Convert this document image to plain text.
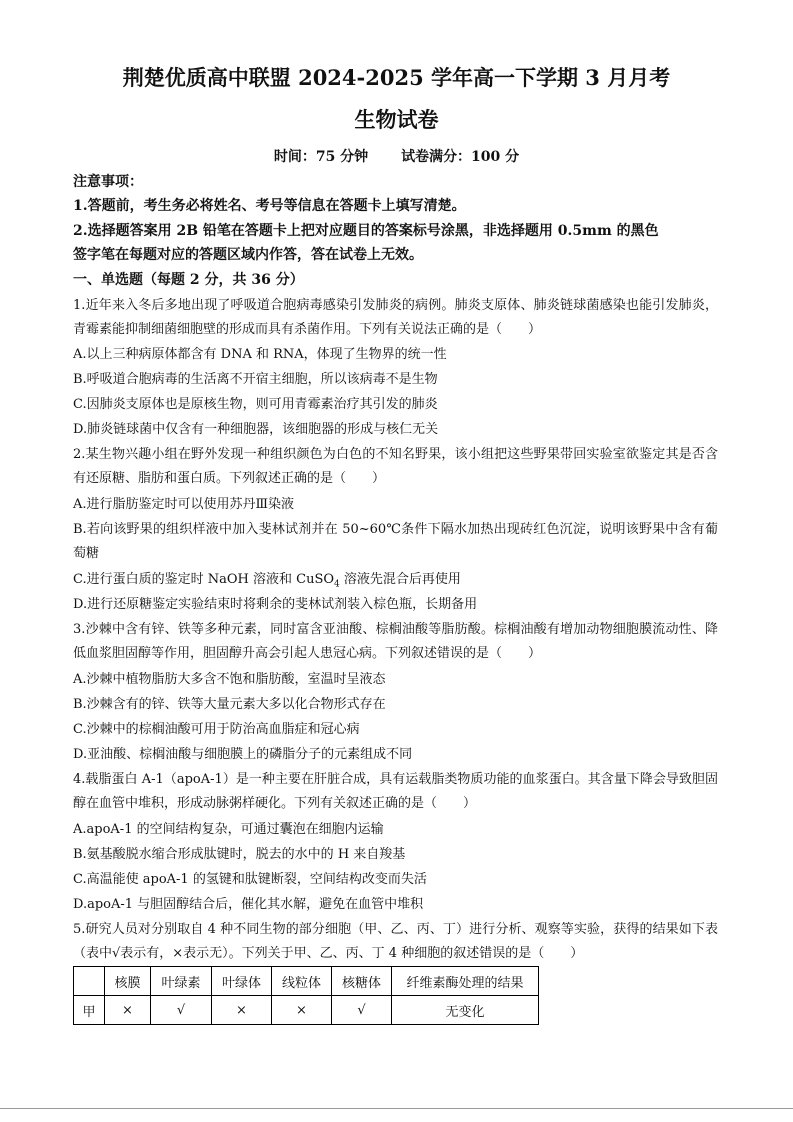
荆楚优质高中联盟 2024-2025 学年高一下学期 3 月月考
生物试卷
时间：75 分钟 试卷满分：100 分
注意事项：
1.答题前，考生务必将姓名、考号等信息在答题卡上填写清楚。
2.选择题答案用 2B 铅笔在答题卡上把对应题目的答案标号涂黑，非选择题用 0.5mm 的黑色
签字笔在每题对应的答题区域内作答，答在试卷上无效。
一、单选题（每题 2 分，共 36 分）
1.近年来入冬后多地出现了呼吸道合胞病毒感染引发肺炎的病例。肺炎支原体、肺炎链球菌感染也能引发肺炎，青霉素能抑制细菌细胞壁的形成而具有杀菌作用。下列有关说法正确的是（　　）
A.以上三种病原体都含有 DNA 和 RNA，体现了生物界的统一性
B.呼吸道合胞病毒的生活离不开宿主细胞，所以该病毒不是生物
C.因肺炎支原体也是原核生物，则可用青霉素治疗其引发的肺炎
D.肺炎链球菌中仅含有一种细胞器，该细胞器的形成与核仁无关
2.某生物兴趣小组在野外发现一种组织颜色为白色的不知名野果，该小组把这些野果带回实验室欲鉴定其是否含有还原糖、脂肪和蛋白质。下列叙述正确的是（　　）
A.进行脂肪鉴定时可以使用苏丹Ⅲ染液
B.若向该野果的组织样液中加入斐林试剂并在 50~60℃条件下隔水加热出现砖红色沉淀，说明该野果中含有葡萄糖
C.进行蛋白质的鉴定时 NaOH 溶液和 CuSO$_4$ 溶液先混合后再使用
D.进行还原糖鉴定实验结束时将剩余的斐林试剂装入棕色瓶，长期备用
3.沙棘中含有锌、铁等多种元素，同时富含亚油酸、棕榈油酸等脂肪酸。棕榈油酸有增加动物细胞膜流动性、降低血浆胆固醇等作用，胆固醇升高会引起人患冠心病。下列叙述错误的是（　　）
A.沙棘中植物脂肪大多含不饱和脂肪酸，室温时呈液态
B.沙棘含有的锌、铁等大量元素大多以化合物形式存在
C.沙棘中的棕榈油酸可用于防治高血脂症和冠心病
D.亚油酸、棕榈油酸与细胞膜上的磷脂分子的元素组成不同
4.载脂蛋白 A-1（apoA-1）是一种主要在肝脏合成，具有运载脂类物质功能的血浆蛋白。其含量下降会导致胆固醇在血管中堆积，形成动脉粥样硬化。下列有关叙述正确的是（　　）
A.apoA-1 的空间结构复杂，可通过囊泡在细胞内运输
B.氨基酸脱水缩合形成肽键时，脱去的水中的 H 来自羧基
C.高温能使 apoA-1 的氢键和肽键断裂，空间结构改变而失活
D.apoA-1 与胆固醇结合后，催化其水解，避免在血管中堆积
5.研究人员对分别取自 4 种不同生物的部分细胞（甲、乙、丙、丁）进行分析、观察等实验，获得的结果如下表（表中√表示有，×表示无）。下列关于甲、乙、丙、丁 4 种细胞的叙述错误的是（　　）
	核膜	叶绿素	叶绿体	线粒体	核糖体	纤维素酶处理的结果
甲	×	√	×	×	√	无变化
